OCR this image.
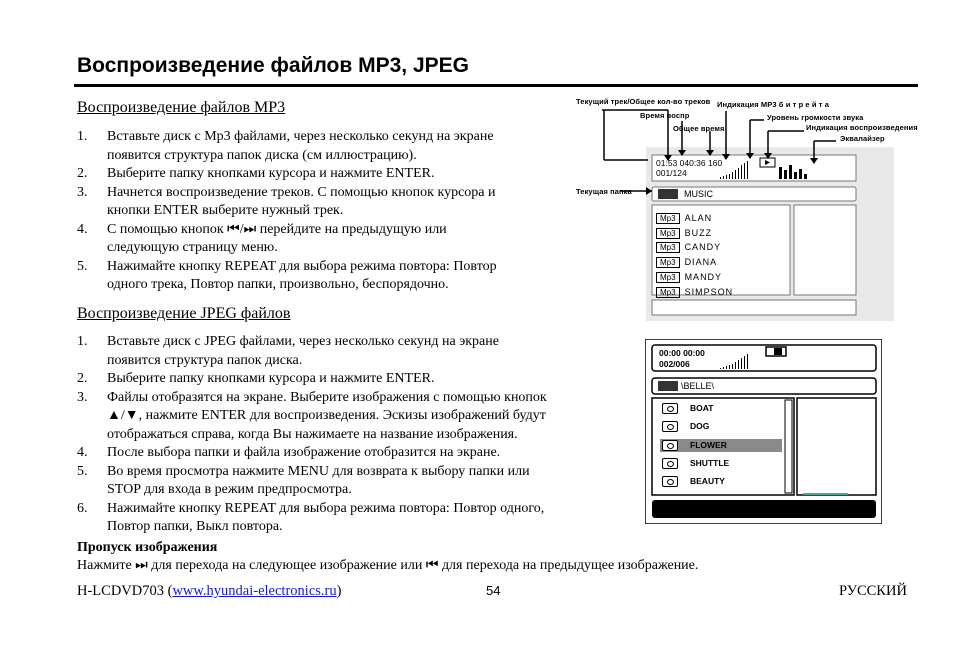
Воспроизведение файлов MP3, JPEG
Воспроизведение файлов MP3
1. Вставьте диск с Mp3 файлами, через несколько секунд на экране
появится структура папок диска (см иллюстрацию).
2. Выберите папку кнопками курсора и нажмите ENTER.
3. Начнется воспроизведение треков. С помощью кнопок курсора и
кнопки ENTER выберите нужный трек.
4. С помощью кнопок ⏮/⏭ перейдите на предыдущую или
следующую страницу меню.
5. Нажимайте кнопку REPEAT для выбора режима повтора: Повтор
одного трека, Повтор папки, произвольно, беспорядочно.
Воспроизведение JPEG файлов
1. Вставьте диск с JPEG файлами, через несколько секунд на экране
появится структура папок диска.
2. Выберите папку кнопками курсора и нажмите ENTER.
3. Файлы отобразятся на экране. Выберите изображения с помощью кнопок
▲/▼, нажмите ENTER для воспроизведения. Эскизы изображений будут
отображаться справа, когда Вы нажимаете на название изображения.
4. После выбора папки и файла изображение отобразится на экране.
5. Во время просмотра нажмите MENU для возврата к выбору папки или
STOP для входа в режим предпросмотра.
6. Нажимайте кнопку REPEAT для выбора режима повтора: Повтор одного,
Повтор папки, Выкл повтора.
Пропуск изображения
Нажмите ⏭ для перехода на следующее изображение или ⏮ для перехода на предыдущее изображение.
H-LCDVD703 (www.hyundai-electronics.ru)	54	РУССКИЙ
Текущий трек/Общее кол-во треков
Время воспр
Общее время
Индикация MP3 б и т р е й т а
Уровень громкости звука
Индикация воспроизведения
Эквалайзер
Текущая папка
01:53 040:36 160
001/124
MUSIC
Mp3 ALAN
Mp3 BUZZ
Mp3 CANDY
Mp3 DIANA
Mp3 MANDY
Mp3 SIMPSON
00:00 00:00
002/006
\BELLE\
BOAT
DOG
FLOWER
SHUTTLE
BEAUTY
